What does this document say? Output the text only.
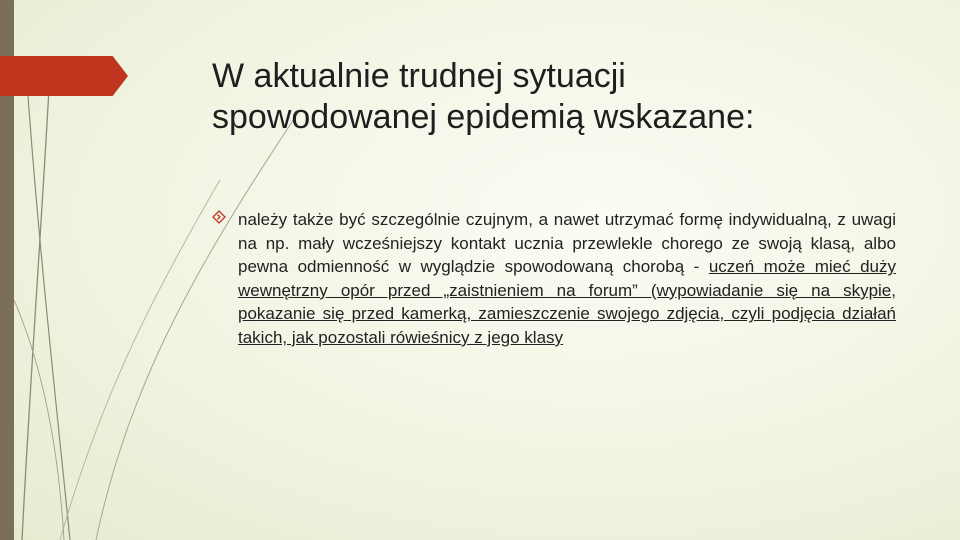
W aktualnie trudnej sytuacji
spowodowanej epidemią wskazane:

należy także być szczególnie czujnym, a nawet utrzymać formę indywidualną, z uwagi na np. mały wcześniejszy kontakt ucznia przewlekle chorego ze swoją klasą, albo pewna odmienność w wyglądzie spowodowaną chorobą - uczeń może mieć duży wewnętrzny opór przed „zaistnieniem na forum” (wypowiadanie się na skypie, pokazanie się przed kamerką, zamieszczenie swojego zdjęcia, czyli podjęcia działań takich, jak pozostali rówieśnicy z jego klasy
